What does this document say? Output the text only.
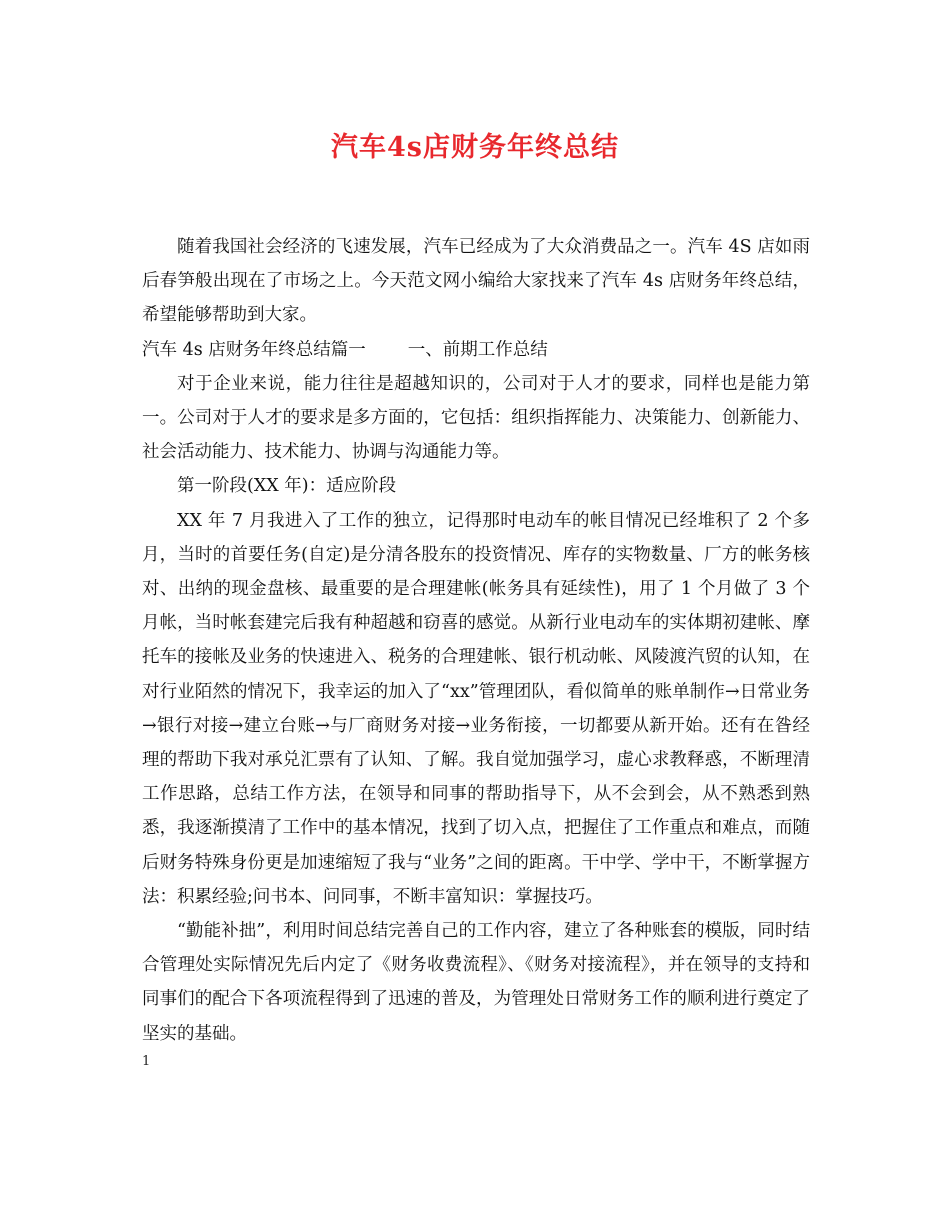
汽车4s店财务年终总结

随着我国社会经济的飞速发展，汽车已经成为了大众消费品之一。汽车 4S 店如雨后春笋般出现在了市场之上。今天范文网小编给大家找来了汽车 4s 店财务年终总结，希望能够帮助到大家。

汽车 4s 店财务年终总结篇一 一、前期工作总结

对于企业来说，能力往往是超越知识的，公司对于人才的要求，同样也是能力第一。公司对于人才的要求是多方面的，它包括：组织指挥能力、决策能力、创新能力、社会活动能力、技术能力、协调与沟通能力等。

第一阶段(XX 年)：适应阶段

XX 年 7 月我进入了工作的独立，记得那时电动车的帐目情况已经堆积了 2 个多月，当时的首要任务(自定)是分清各股东的投资情况、库存的实物数量、厂方的帐务核对、出纳的现金盘核、最重要的是合理建帐(帐务具有延续性)，用了 1 个月做了 3 个月帐，当时帐套建完后我有种超越和窃喜的感觉。从新行业电动车的实体期初建帐、摩托车的接帐及业务的快速进入、税务的合理建帐、银行机动帐、风陵渡汽贸的认知，在对行业陌然的情况下，我幸运的加入了“xx”管理团队，看似简单的账单制作→日常业务→银行对接→建立台账→与厂商财务对接→业务衔接，一切都要从新开始。还有在昝经理的帮助下我对承兑汇票有了认知、了解。我自觉加强学习，虚心求教释惑，不断理清工作思路，总结工作方法，在领导和同事的帮助指导下，从不会到会，从不熟悉到熟悉，我逐渐摸清了工作中的基本情况，找到了切入点，把握住了工作重点和难点，而随后财务特殊身份更是加速缩短了我与“业务”之间的距离。干中学、学中干，不断掌握方法：积累经验;问书本、问同事，不断丰富知识：掌握技巧。

“勤能补拙”，利用时间总结完善自己的工作内容，建立了各种账套的模版，同时结合管理处实际情况先后内定了《财务收费流程》、《财务对接流程》，并在领导的支持和同事们的配合下各项流程得到了迅速的普及，为管理处日常财务工作的顺利进行奠定了坚实的基础。

1
